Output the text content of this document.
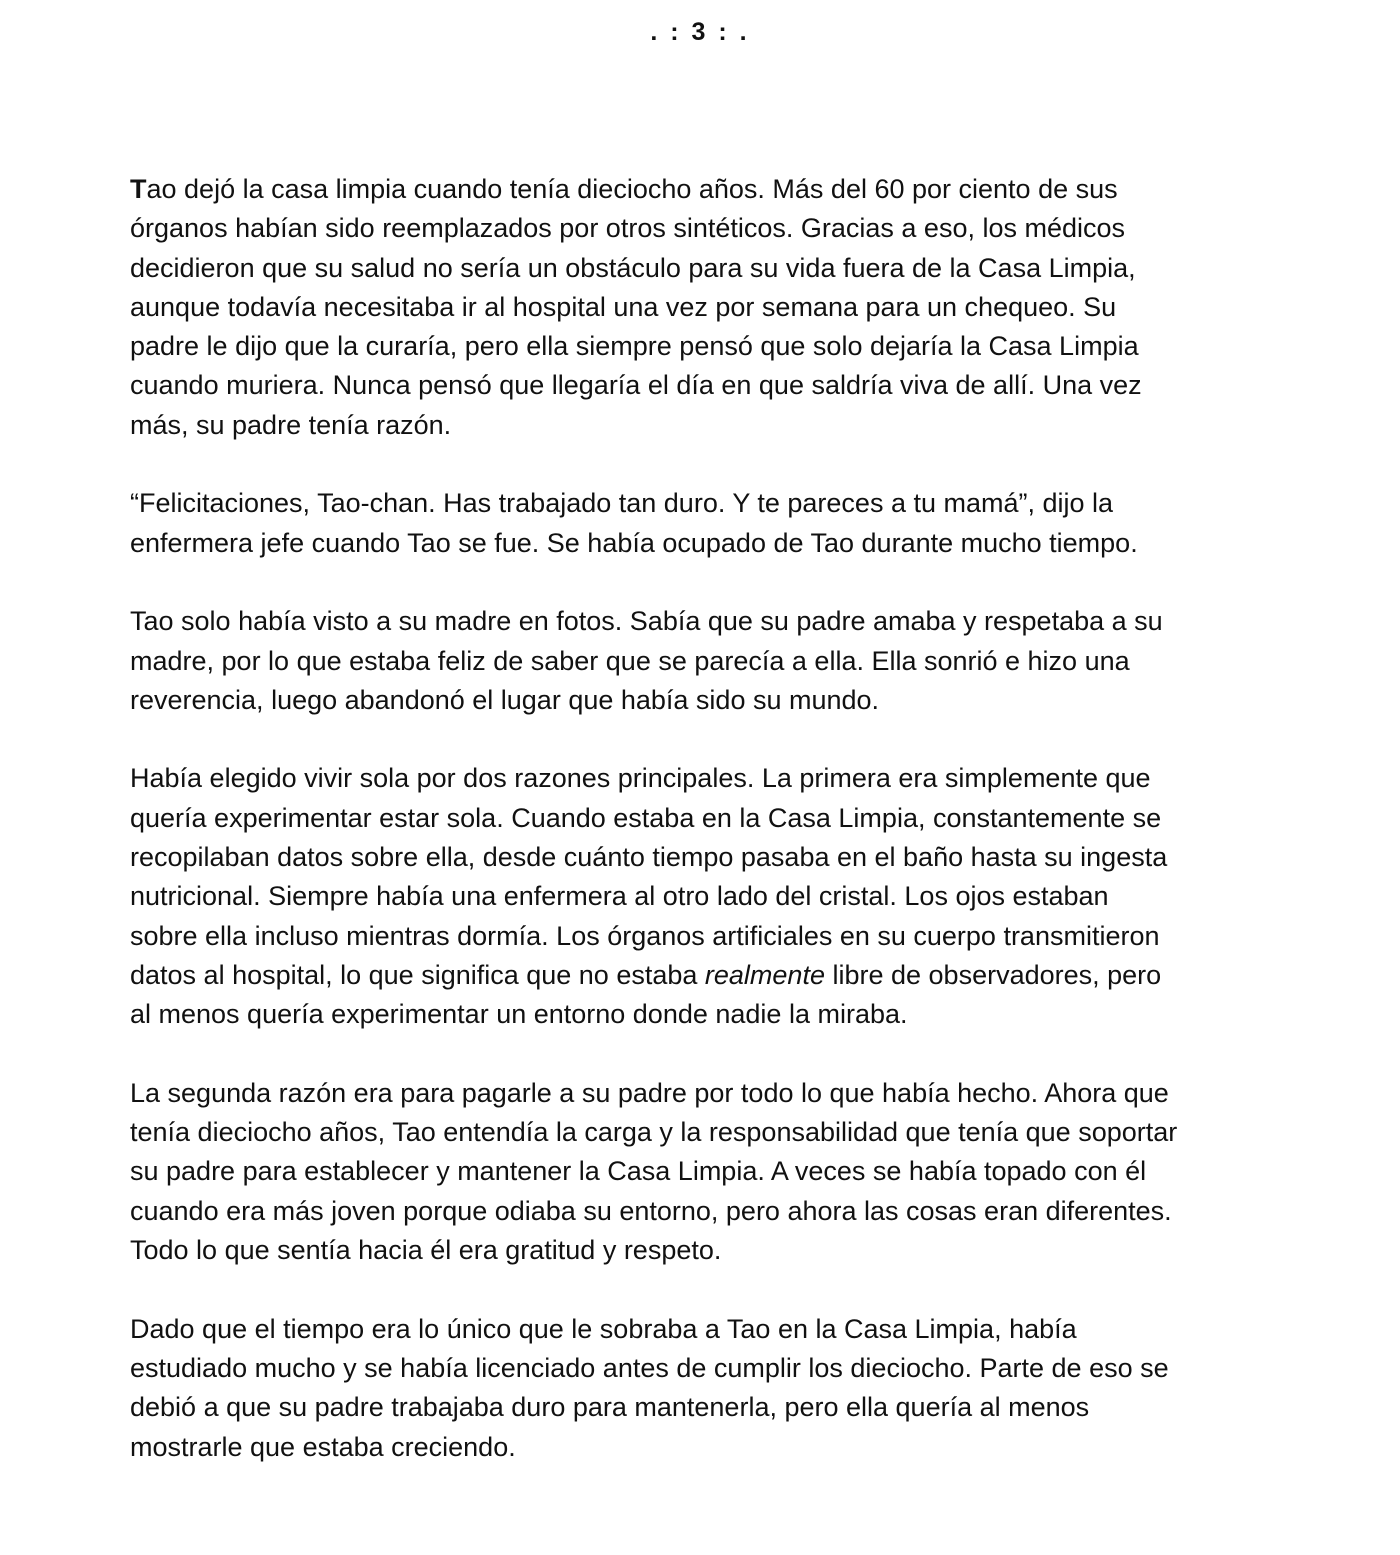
. : 3 : .

Tao dejó la casa limpia cuando tenía dieciocho años. Más del 60 por ciento de sus
órganos habían sido reemplazados por otros sintéticos. Gracias a eso, los médicos
decidieron que su salud no sería un obstáculo para su vida fuera de la Casa Limpia,
aunque todavía necesitaba ir al hospital una vez por semana para un chequeo. Su
padre le dijo que la curaría, pero ella siempre pensó que solo dejaría la Casa Limpia
cuando muriera. Nunca pensó que llegaría el día en que saldría viva de allí. Una vez
más, su padre tenía razón.

“Felicitaciones, Tao-chan. Has trabajado tan duro. Y te pareces a tu mamá”, dijo la
enfermera jefe cuando Tao se fue. Se había ocupado de Tao durante mucho tiempo.

Tao solo había visto a su madre en fotos. Sabía que su padre amaba y respetaba a su
madre, por lo que estaba feliz de saber que se parecía a ella. Ella sonrió e hizo una
reverencia, luego abandonó el lugar que había sido su mundo.

Había elegido vivir sola por dos razones principales. La primera era simplemente que
quería experimentar estar sola. Cuando estaba en la Casa Limpia, constantemente se
recopilaban datos sobre ella, desde cuánto tiempo pasaba en el baño hasta su ingesta
nutricional. Siempre había una enfermera al otro lado del cristal. Los ojos estaban
sobre ella incluso mientras dormía. Los órganos artificiales en su cuerpo transmitieron
datos al hospital, lo que significa que no estaba realmente libre de observadores, pero
al menos quería experimentar un entorno donde nadie la miraba.

La segunda razón era para pagarle a su padre por todo lo que había hecho. Ahora que
tenía dieciocho años, Tao entendía la carga y la responsabilidad que tenía que soportar
su padre para establecer y mantener la Casa Limpia. A veces se había topado con él
cuando era más joven porque odiaba su entorno, pero ahora las cosas eran diferentes.
Todo lo que sentía hacia él era gratitud y respeto.

Dado que el tiempo era lo único que le sobraba a Tao en la Casa Limpia, había
estudiado mucho y se había licenciado antes de cumplir los dieciocho. Parte de eso se
debió a que su padre trabajaba duro para mantenerla, pero ella quería al menos
mostrarle que estaba creciendo.
